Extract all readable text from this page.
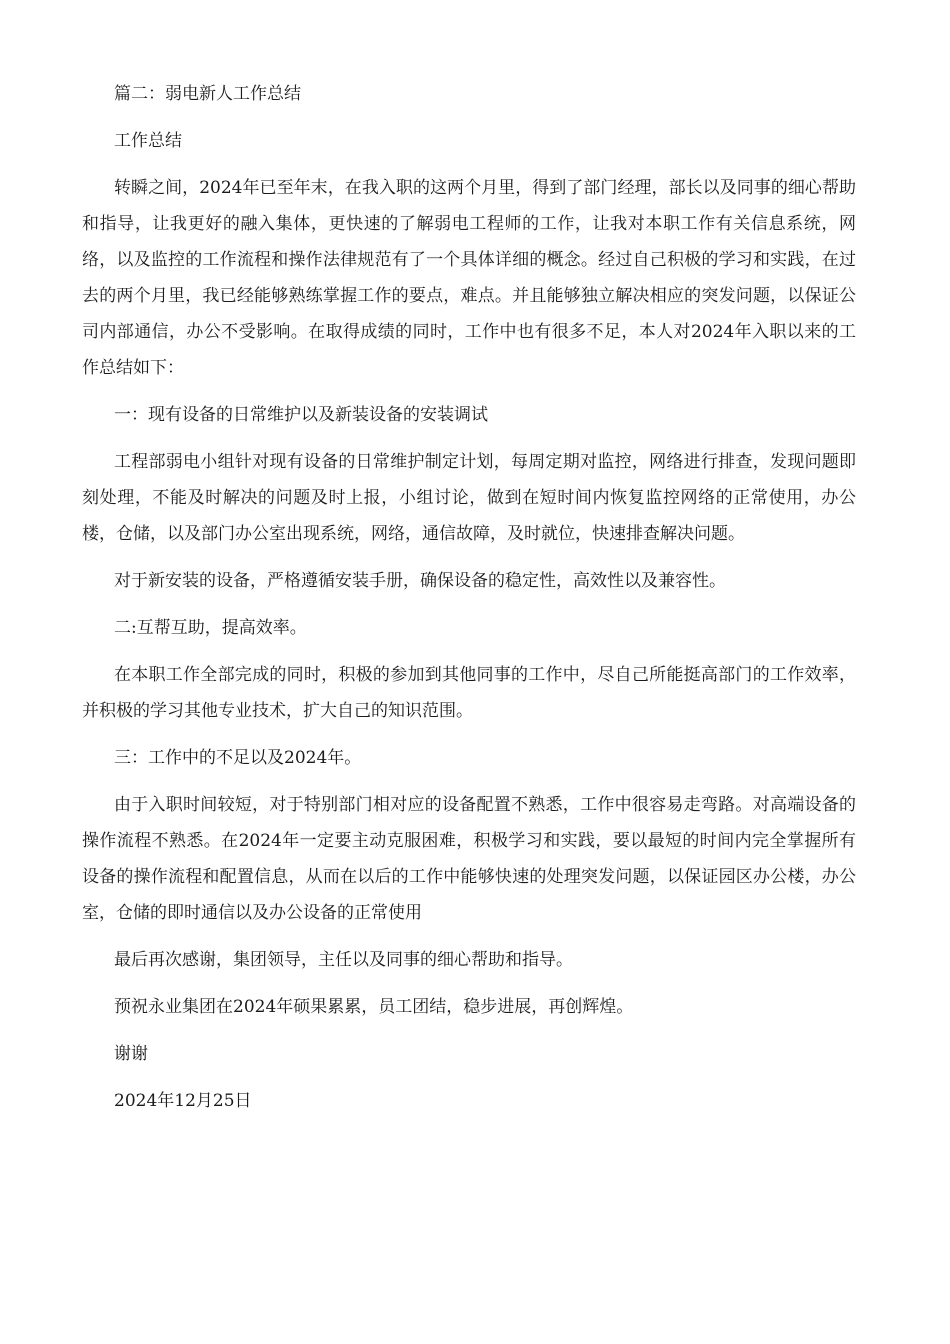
篇二：弱电新人工作总结

工作总结

转瞬之间，2024年已至年末，在我入职的这两个月里，得到了部门经理，部长以及同事的细心帮助和指导，让我更好的融入集体，更快速的了解弱电工程师的工作，让我对本职工作有关信息系统，网络，以及监控的工作流程和操作法律规范有了一个具体详细的概念。经过自己积极的学习和实践，在过去的两个月里，我已经能够熟练掌握工作的要点，难点。并且能够独立解决相应的突发问题，以保证公司内部通信，办公不受影响。在取得成绩的同时，工作中也有很多不足，本人对2024年入职以来的工作总结如下：

一：现有设备的日常维护以及新装设备的安装调试

工程部弱电小组针对现有设备的日常维护制定计划，每周定期对监控，网络进行排查，发现问题即刻处理，不能及时解决的问题及时上报，小组讨论，做到在短时间内恢复监控网络的正常使用，办公楼，仓储，以及部门办公室出现系统，网络，通信故障，及时就位，快速排查解决问题。

对于新安装的设备，严格遵循安装手册，确保设备的稳定性，高效性以及兼容性。

二:互帮互助，提高效率。

在本职工作全部完成的同时，积极的参加到其他同事的工作中，尽自己所能挺高部门的工作效率，并积极的学习其他专业技术，扩大自己的知识范围。

三：工作中的不足以及2024年。

由于入职时间较短，对于特别部门相对应的设备配置不熟悉，工作中很容易走弯路。对高端设备的操作流程不熟悉。在2024年一定要主动克服困难，积极学习和实践，要以最短的时间内完全掌握所有设备的操作流程和配置信息，从而在以后的工作中能够快速的处理突发问题，以保证园区办公楼，办公室，仓储的即时通信以及办公设备的正常使用

最后再次感谢，集团领导，主任以及同事的细心帮助和指导。

预祝永业集团在2024年硕果累累，员工团结，稳步进展，再创辉煌。

谢谢

2024年12月25日
